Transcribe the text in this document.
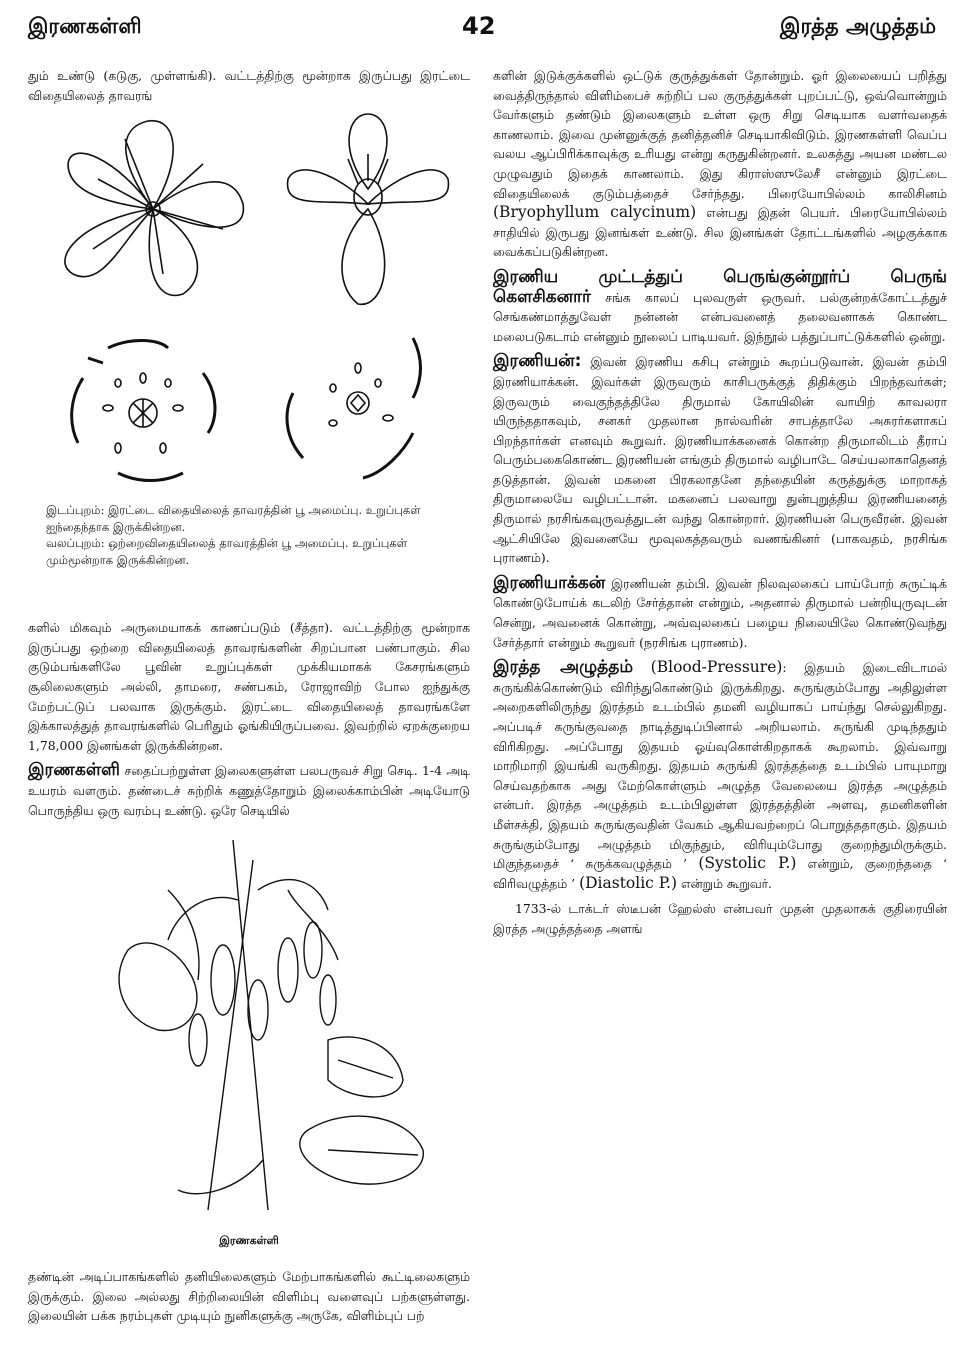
இரணகள்ளி	42	இரத்த அழுத்தம்

தும் உண்டு (கடுகு, முள்ளங்கி). வட்டத்திற்கு மூன்றாக இருப்பது இரட்டை விதையிலைத் தாவரங்

இடப்புறம்: இரட்டை விதையிலைத் தாவரத்தின் பூ அமைப்பு. உறுப்புகள் ஐந்தைந்தாக இருக்கின்றன.
வலப்புறம்: ஒற்றைவிதையிலைத் தாவரத்தின் பூ அமைப்பு. உறுப்புகள் மும்மூன்றாக இருக்கின்றன.

களில் மிகவும் அருமையாகக் காணப்படும் (சீத்தா). வட்டத்திற்கு மூன்றாக இருப்பது ஒற்றை விதையிலைத் தாவரங்களின் சிறப்பான பண்பாகும். சில குடும்பங்களிலே பூவின் உறுப்புக்கள் முக்கியமாகக் கேசரங்களும் சூலிலைகளும் அல்லி, தாமரை, சண்பகம், ரோஜாவிற் போல ஐந்துக்கு மேற்பட்டுப் பலவாக இருக்கும். இரட்டை விதையிலைத் தாவரங்களே இக்காலத்துத் தாவரங்களில் பெரிதும் ஓங்கியிருப்பவை. இவற்றில் ஏறக்குறைய 1,78,000 இனங்கள் இருக்கின்றன.

இரணகள்ளி சதைப்பற்றுள்ள இலைகளுள்ள பலபருவச் சிறு செடி. 1-4 அடி உயரம் வளரும். தண்டைச் சுற்றிக் கணுத்தோறும் இலைக்காம்பின் அடியோடு பொருந்திய ஒரு வரம்பு உண்டு. ஒரே செடியில்

இரணகள்ளி

தண்டின் அடிப்பாகங்களில் தனியிலைகளும் மேற்பாகங்களில் கூட்டிலைகளும் இருக்கும். இலை அல்லது சிற்றிலையின் விளிம்பு வளைவுப் பற்களுள்ளது. இலையின் பக்க நரம்புகள் முடியும் நுனிகளுக்கு அருகே, விளிம்புப் பற்

களின் இடுக்குக்களில் ஒட்டுக் குருத்துக்கள் தோன்றும். ஓர் இலையைப் பறித்து வைத்திருந்தால் விளிம்பைச் சுற்றிப் பல குருத்துக்கள் புறப்பட்டு, ஒவ்வொன்றும் வேர்களும் தண்டும் இலைகளும் உள்ள ஒரு சிறு செடியாக வளர்வதைக் காணலாம். இவை முன்னுக்குத் தனித்தனிச் செடியாகிவிடும். இரணகள்ளி வெப்ப வலய ஆப்பிரிக்காவுக்கு உரியது என்று கருதுகின்றனர். உலகத்து அயன மண்டல முழுவதும் இதைக் காணலாம். இது கிராஸ்ஸுலேசீ என்னும் இரட்டை விதையிலைக் குடும்பத்தைச் சேர்ந்தது. பிரையோபில்லம் காலிசினம் (Bryophyllum calycinum) என்பது இதன் பெயர். பிரையோபில்லம் சாதியில் இருபது இனங்கள் உண்டு. சில இனங்கள் தோட்டங்களில் அழகுக்காக வைக்கப்படுகின்றன.

இரணிய முட்டத்துப் பெருங்குன்றூர்ப் பெருங் கௌசிகனார் சங்க காலப் புலவருள் ஒருவர். பல்குன்றக்கோட்டத்துச் செங்கண்மாத்துவேள் நன்னன் என்பவனைத் தலைவனாகக் கொண்ட மலைபடுகடாம் என்னும் நூலைப் பாடியவர். இந்நூல் பத்துப்பாட்டுக்களில் ஒன்று.

இரணியன்: இவன் இரணிய கசிபு என்றும் கூறப்படுவான். இவன் தம்பி இரணியாக்கன். இவர்கள் இருவரும் காசிபருக்குத் திதிக்கும் பிறந்தவர்கள்; இருவரும் வைகுந்தத்திலே திருமால் கோயிலின் வாயிற் காவலரா யிருந்ததாகவும், சனகர் முதலான நால்வரின் சாபத்தாலே அசுரர்களாகப் பிறந்தார்கள் எனவும் கூறுவர். இரணியாக்கனைக் கொன்ற திருமாலிடம் தீராப் பெரும்பகைகொண்ட இரணியன் எங்கும் திருமால் வழிபாடே செய்யலாகாதெனத் தடுத்தான். இவன் மகனை பிரகலாதனே தந்தையின் கருத்துக்கு மாறாகத் திருமாலையே வழிபட்டான். மகனைப் பலவாறு துன்புறுத்திய இரணியனைத் திருமால் நரசிங்கவுருவத்துடன் வந்து கொன்றார். இரணியன் பெருவீரன். இவன் ஆட்சியிலே இவனையே மூவுலகத்தவரும் வணங்கினர் (பாகவதம், நரசிங்க புராணம்).

இரணியாக்கன் இரணியன் தம்பி. இவன் நிலவுலகைப் பாய்போற் சுருட்டிக் கொண்டுபோய்க் கடலிற் சேர்த்தான் என்றும், அதனால் திருமால் பன்றியுருவுடன் சென்று, அவனைக் கொன்று, அவ்வுலகைப் பழைய நிலையிலே கொண்டுவந்து சேர்த்தார் என்றும் கூறுவர் (நரசிங்க புராணம்).

இரத்த அழுத்தம் (Blood-Pressure): இதயம் இடைவிடாமல் சுருங்கிக்கொண்டும் விரிந்துகொண்டும் இருக்கிறது. சுருங்கும்போது அதிலுள்ள அறைகளிலிருந்து இரத்தம் உடம்பில் தமனி வழியாகப் பாய்ந்து செல்லுகிறது. அப்படிச் சுருங்குவதை நாடித்துடிப்பினால் அறியலாம். சுருங்கி முடிந்ததும் விரிகிறது. அப்போது இதயம் ஓய்வுகொள்கிறதாகக் கூறலாம். இவ்வாறு மாறிமாறி இயங்கி வருகிறது. இதயம் சுருங்கி இரத்தத்தை உடம்பில் பாயுமாறு செய்வதற்காக அது மேற்கொள்ளும் அழுத்த வேலையை இரத்த அழுத்தம் என்பர். இரத்த அழுத்தம் உடம்பிலுள்ள இரத்தத்தின் அளவு, தமனிகளின் மீள்சக்தி, இதயம் சுருங்குவதின் வேகம் ஆகியவற்றைப் பொறுத்ததாகும். இதயம் சுருங்கும்போது அழுத்தம் மிகுந்தும், விரியும்போது குறைந்துமிருக்கும். மிகுந்ததைச் ‘ சுருக்கவழுத்தம் ’ (Systolic P.) என்றும், குறைந்ததை ‘ விரிவழுத்தம் ’ (Diastolic P.) என்றும் கூறுவர்.

1733-ல் டாக்டர் ஸ்டீபன் ஹேல்ஸ் என்பவர் முதன் முதலாகக் குதிரையின் இரத்த அழுத்தத்தை அளங்
